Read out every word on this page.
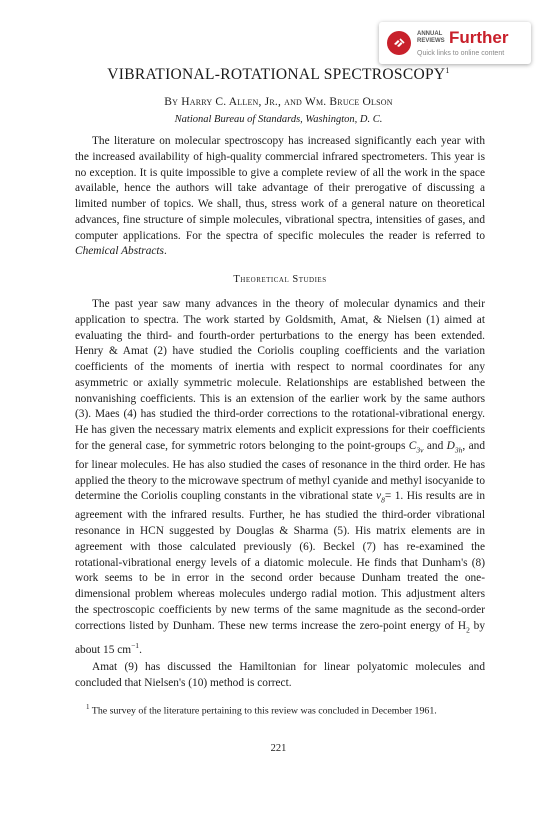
ANNUAL REVIEWS Further
Quick links to online content
VIBRATIONAL-ROTATIONAL SPECTROSCOPY$^1$
By Harry C. Allen, Jr., and Wm. Bruce Olson
National Bureau of Standards, Washington, D. C.

The literature on molecular spectroscopy has increased significantly each year with the increased availability of high-quality commercial infrared spectrometers. This year is no exception. It is quite impossible to give a complete review of all the work in the space available, hence the authors will take advantage of their prerogative of discussing a limited number of topics. We shall, thus, stress work of a general nature on theoretical advances, fine structure of simple molecules, vibrational spectra, intensities of gases, and computer applications. For the spectra of specific molecules the reader is referred to Chemical Abstracts.

Theoretical Studies

The past year saw many advances in the theory of molecular dynamics and their application to spectra. The work started by Goldsmith, Amat, & Nielsen (1) aimed at evaluating the third- and fourth-order perturbations to the energy has been extended. Henry & Amat (2) have studied the Coriolis coupling coefficients and the variation coefficients of the moments of inertia with respect to normal coordinates for any asymmetric or axially symmetric molecule. Relationships are established between the nonvanishing coefficients. This is an extension of the earlier work by the same authors (3). Maes (4) has studied the third-order corrections to the rotational-vibrational energy. He has given the necessary matrix elements and explicit expressions for their coefficients for the general case, for symmetric rotors belonging to the point-groups $C_{3v}$ and $D_{3h}$, and for linear molecules. He has also studied the cases of resonance in the third order. He has applied the theory to the microwave spectrum of methyl cyanide and methyl isocyanide to determine the Coriolis coupling constants in the vibrational state $v_8= 1$. His results are in agreement with the infrared results. Further, he has studied the third-order vibrational resonance in HCN suggested by Douglas & Sharma (5). His matrix elements are in agreement with those calculated previously (6). Beckel (7) has re-examined the rotational-vibrational energy levels of a diatomic molecule. He finds that Dunham's (8) work seems to be in error in the second order because Dunham treated the one-dimensional problem whereas molecules undergo radial motion. This adjustment alters the spectroscopic coefficients by new terms of the same magnitude as the second-order corrections listed by Dunham. These new terms increase the zero-point energy of $H_2$ by about 15 $cm^{-1}$.

Amat (9) has discussed the Hamiltonian for linear polyatomic molecules and concluded that Nielsen's (10) method is correct.

$^1$ The survey of the literature pertaining to this review was concluded in December 1961.

221
